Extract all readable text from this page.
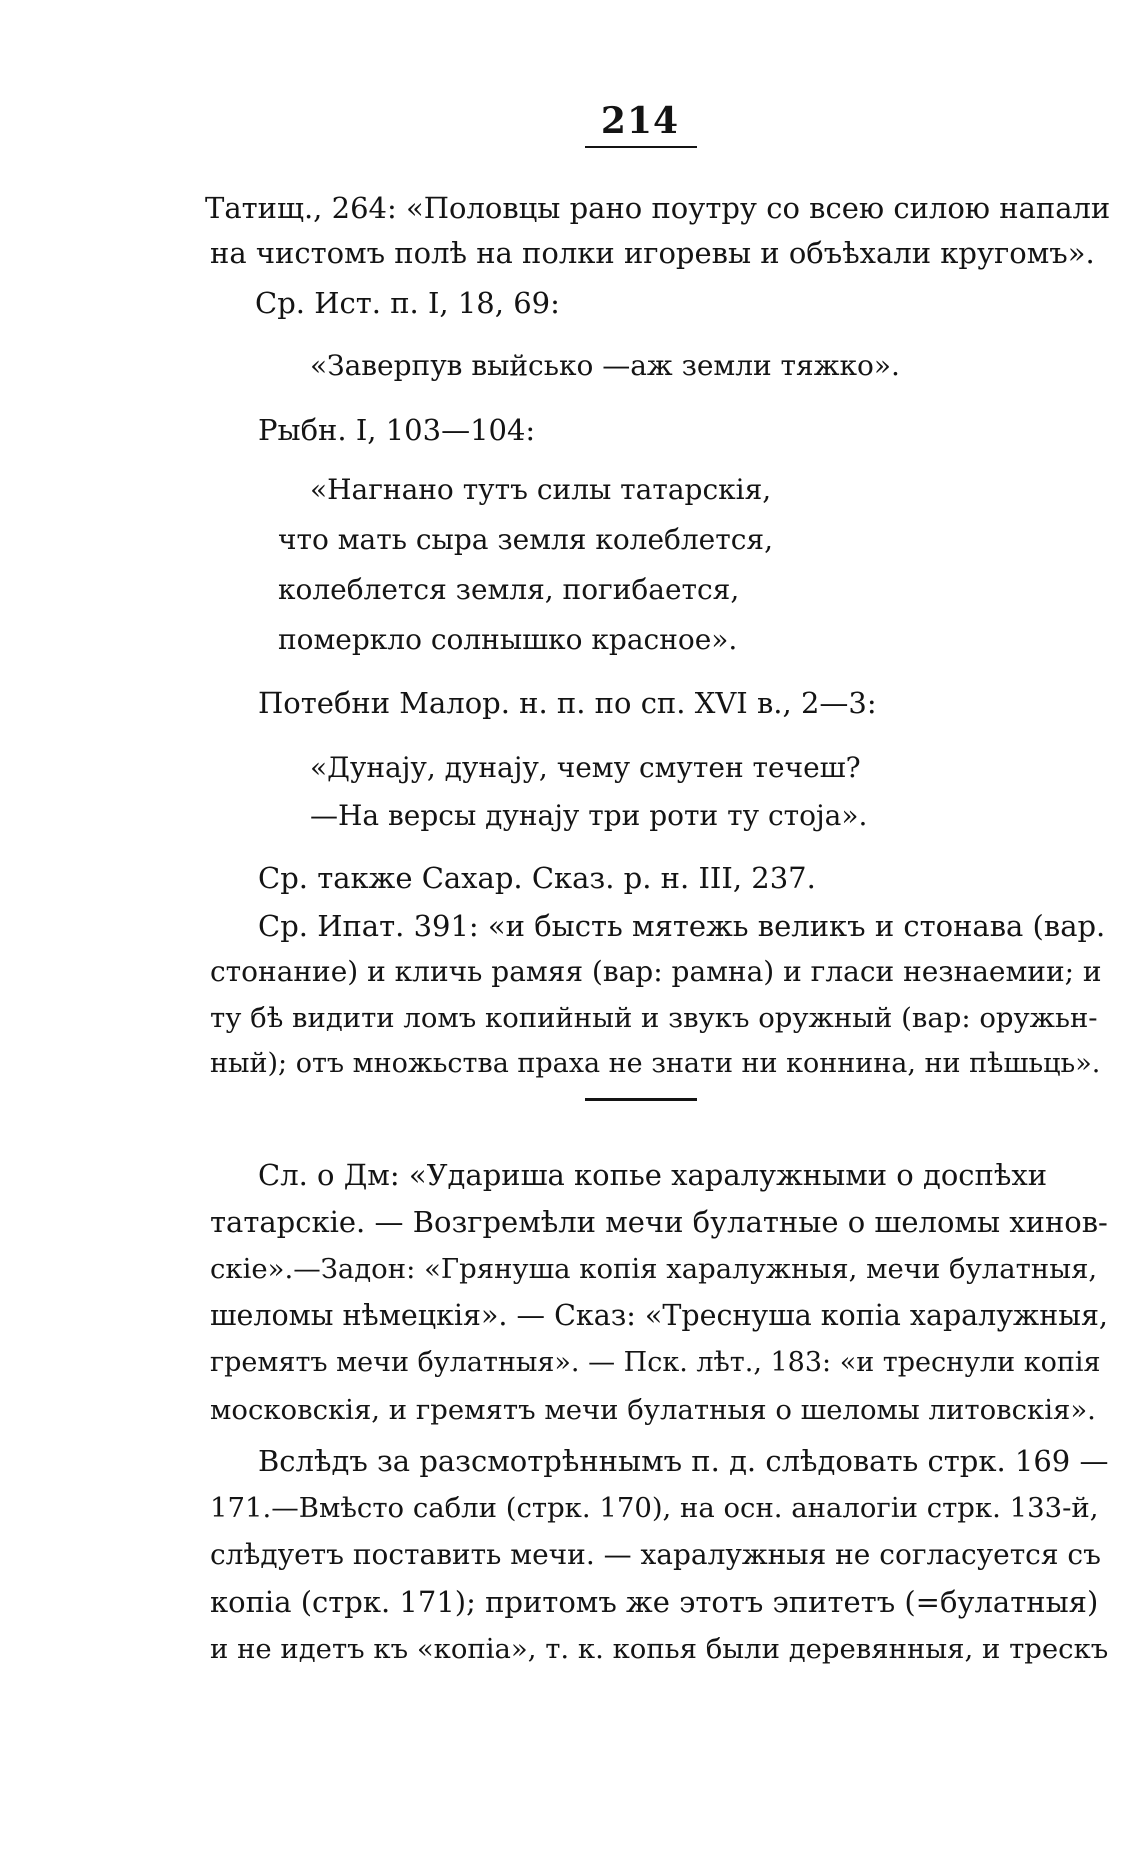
214
Татищ., 264: «Половцы рано поутру со всею силою напали
на чистомъ полѣ на полки игоревы и объѣхали кругомъ».
Ср. Ист. п. I, 18, 69:
«Заверпув выйсько —аж земли тяжко».
Рыбн. I, 103—104:
«Нагнано тутъ силы татарскія,
что мать сыра земля колеблется,
колеблется земля, погибается,
померкло солнышко красное».
Потебни Малор. н. п. по сп. XVI в., 2—3:
«Дунају, дунају, чему смутен течеш?
—На версы дунају три роти ту стоја».
Ср. также Сахар. Сказ. р. н. III, 237.
Ср. Ипат. 391: «и бысть мятежь великъ и стонава (вар.
стонание) и кличь рамяя (вар: рамна) и гласи незнаемии; и
ту бѣ видити ломъ копийный и звукъ оружный (вар: оружьн-
ный); отъ множьства праха не знати ни коннина, ни пѣшьць».
Сл. о Дм: «Удариша копье харалужными о доспѣхи
татарскіе. — Возгремѣли мечи булатные о шеломы хинов-
скіе».—Задон: «Грянуша копія харалужныя, мечи булатныя,
шеломы нѣмецкія». — Сказ: «Треснуша копіа харалужныя,
гремятъ мечи булатныя». — Пск. лѣт., 183: «и треснули копія
московскія, и гремятъ мечи булатныя о шеломы литовскія».
Вслѣдъ за разсмотрѣннымъ п. д. слѣдовать стрк. 169 —
171.—Вмѣсто сабли (стрк. 170), на осн. аналогіи стрк. 133-й,
слѣдуетъ поставить мечи. — харалужныя не согласуется съ
копіа (стрк. 171); притомъ же этотъ эпитетъ (=булатныя)
и не идетъ къ «копіа», т. к. копья были деревянныя, и трескъ
